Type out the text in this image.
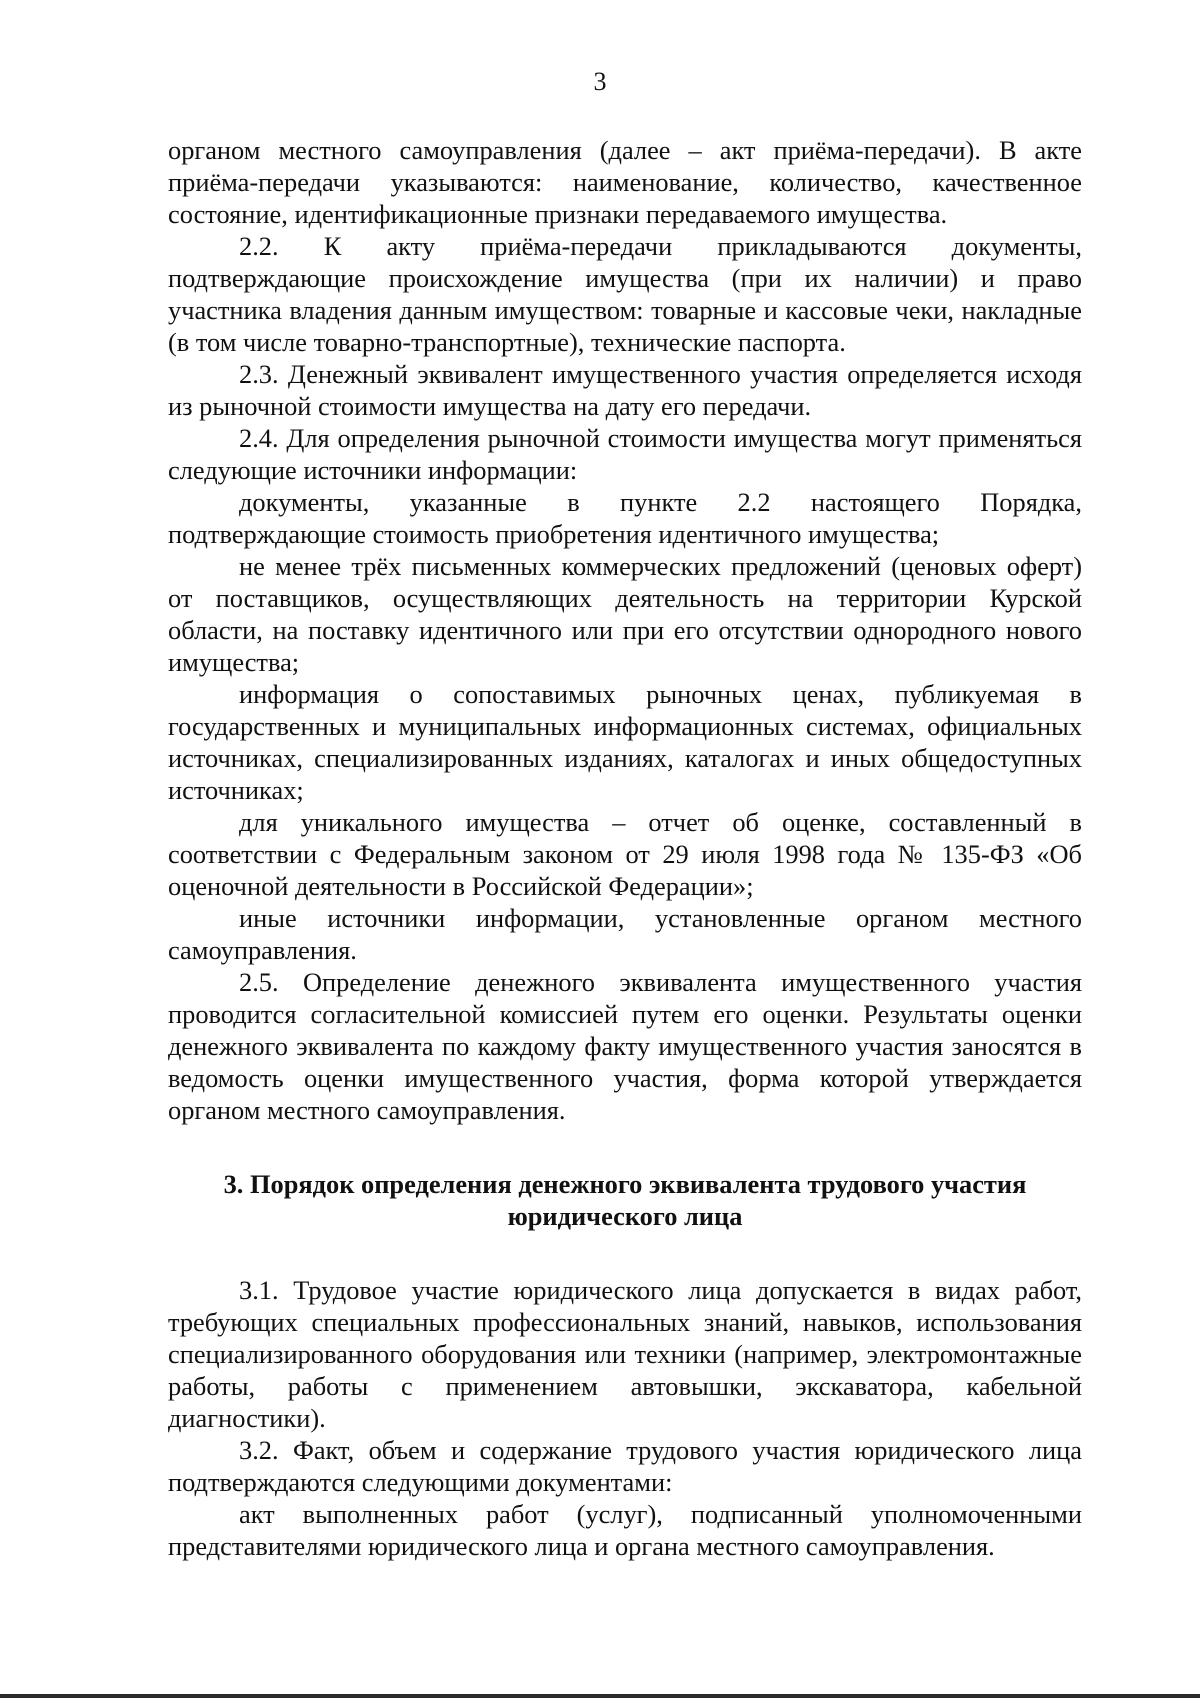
3

органом местного самоуправления (далее – акт приёма-передачи). В акте приёма-передачи указываются: наименование, количество, качественное состояние, идентификационные признаки передаваемого имущества.

2.2. К акту приёма-передачи прикладываются документы, подтверждающие происхождение имущества (при их наличии) и право участника владения данным имуществом: товарные и кассовые чеки, накладные (в том числе товарно-транспортные), технические паспорта.

2.3. Денежный эквивалент имущественного участия определяется исходя из рыночной стоимости имущества на дату его передачи.

2.4. Для определения рыночной стоимости имущества могут применяться следующие источники информации:

документы, указанные в пункте 2.2 настоящего Порядка, подтверждающие стоимость приобретения идентичного имущества;

не менее трёх письменных коммерческих предложений (ценовых оферт) от поставщиков, осуществляющих деятельность на территории Курской области, на поставку идентичного или при его отсутствии однородного нового имущества;

информация о сопоставимых рыночных ценах, публикуемая в государственных и муниципальных информационных системах, официальных источниках, специализированных изданиях, каталогах и иных общедоступных источниках;

для уникального имущества – отчет об оценке, составленный в соответствии с Федеральным законом от 29 июля 1998 года № 135-ФЗ «Об оценочной деятельности в Российской Федерации»;

иные источники информации, установленные органом местного самоуправления.

2.5. Определение денежного эквивалента имущественного участия проводится согласительной комиссией путем его оценки. Результаты оценки денежного эквивалента по каждому факту имущественного участия заносятся в ведомость оценки имущественного участия, форма которой утверждается органом местного самоуправления.

3. Порядок определения денежного эквивалента трудового участия

юридического лица

3.1. Трудовое участие юридического лица допускается в видах работ, требующих специальных профессиональных знаний, навыков, использования специализированного оборудования или техники (например, электромонтажные работы, работы с применением автовышки, экскаватора, кабельной диагностики).

3.2. Факт, объем и содержание трудового участия юридического лица подтверждаются следующими документами:

акт выполненных работ (услуг), подписанный уполномоченными представителями юридического лица и органа местного самоуправления.
